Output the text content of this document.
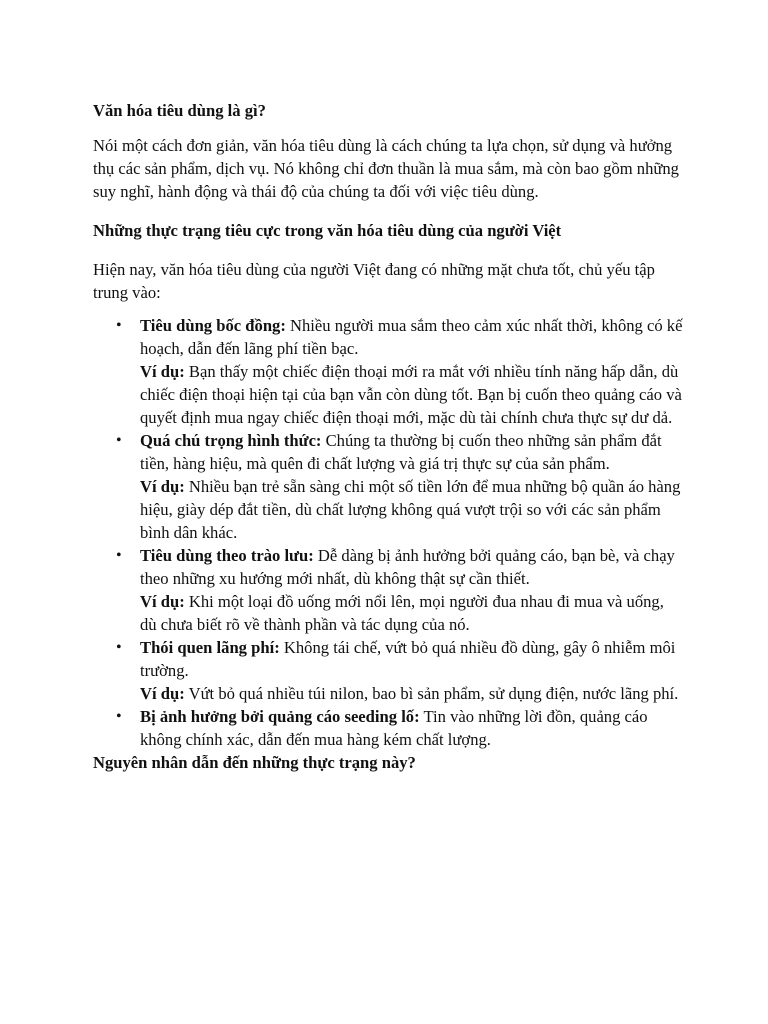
Văn hóa tiêu dùng là gì?

Nói một cách đơn giản, văn hóa tiêu dùng là cách chúng ta lựa chọn, sử dụng và hưởng thụ các sản phẩm, dịch vụ. Nó không chỉ đơn thuần là mua sắm, mà còn bao gồm những suy nghĩ, hành động và thái độ của chúng ta đối với việc tiêu dùng.

Những thực trạng tiêu cực trong văn hóa tiêu dùng của người Việt

Hiện nay, văn hóa tiêu dùng của người Việt đang có những mặt chưa tốt, chủ yếu tập trung vào:

• Tiêu dùng bốc đồng: Nhiều người mua sắm theo cảm xúc nhất thời, không có kế hoạch, dẫn đến lãng phí tiền bạc.
Ví dụ: Bạn thấy một chiếc điện thoại mới ra mắt với nhiều tính năng hấp dẫn, dù chiếc điện thoại hiện tại của bạn vẫn còn dùng tốt. Bạn bị cuốn theo quảng cáo và quyết định mua ngay chiếc điện thoại mới, mặc dù tài chính chưa thực sự dư dả.
• Quá chú trọng hình thức: Chúng ta thường bị cuốn theo những sản phẩm đắt tiền, hàng hiệu, mà quên đi chất lượng và giá trị thực sự của sản phẩm.
Ví dụ: Nhiều bạn trẻ sẵn sàng chi một số tiền lớn để mua những bộ quần áo hàng hiệu, giày dép đắt tiền, dù chất lượng không quá vượt trội so với các sản phẩm bình dân khác.
• Tiêu dùng theo trào lưu: Dễ dàng bị ảnh hưởng bởi quảng cáo, bạn bè, và chạy theo những xu hướng mới nhất, dù không thật sự cần thiết.
Ví dụ: Khi một loại đồ uống mới nổi lên, mọi người đua nhau đi mua và uống, dù chưa biết rõ về thành phần và tác dụng của nó.
• Thói quen lãng phí: Không tái chế, vứt bỏ quá nhiều đồ dùng, gây ô nhiễm môi trường.
Ví dụ: Vứt bỏ quá nhiều túi nilon, bao bì sản phẩm, sử dụng điện, nước lãng phí.
• Bị ảnh hưởng bởi quảng cáo seeding lố: Tin vào những lời đồn, quảng cáo không chính xác, dẫn đến mua hàng kém chất lượng.

Nguyên nhân dẫn đến những thực trạng này?
